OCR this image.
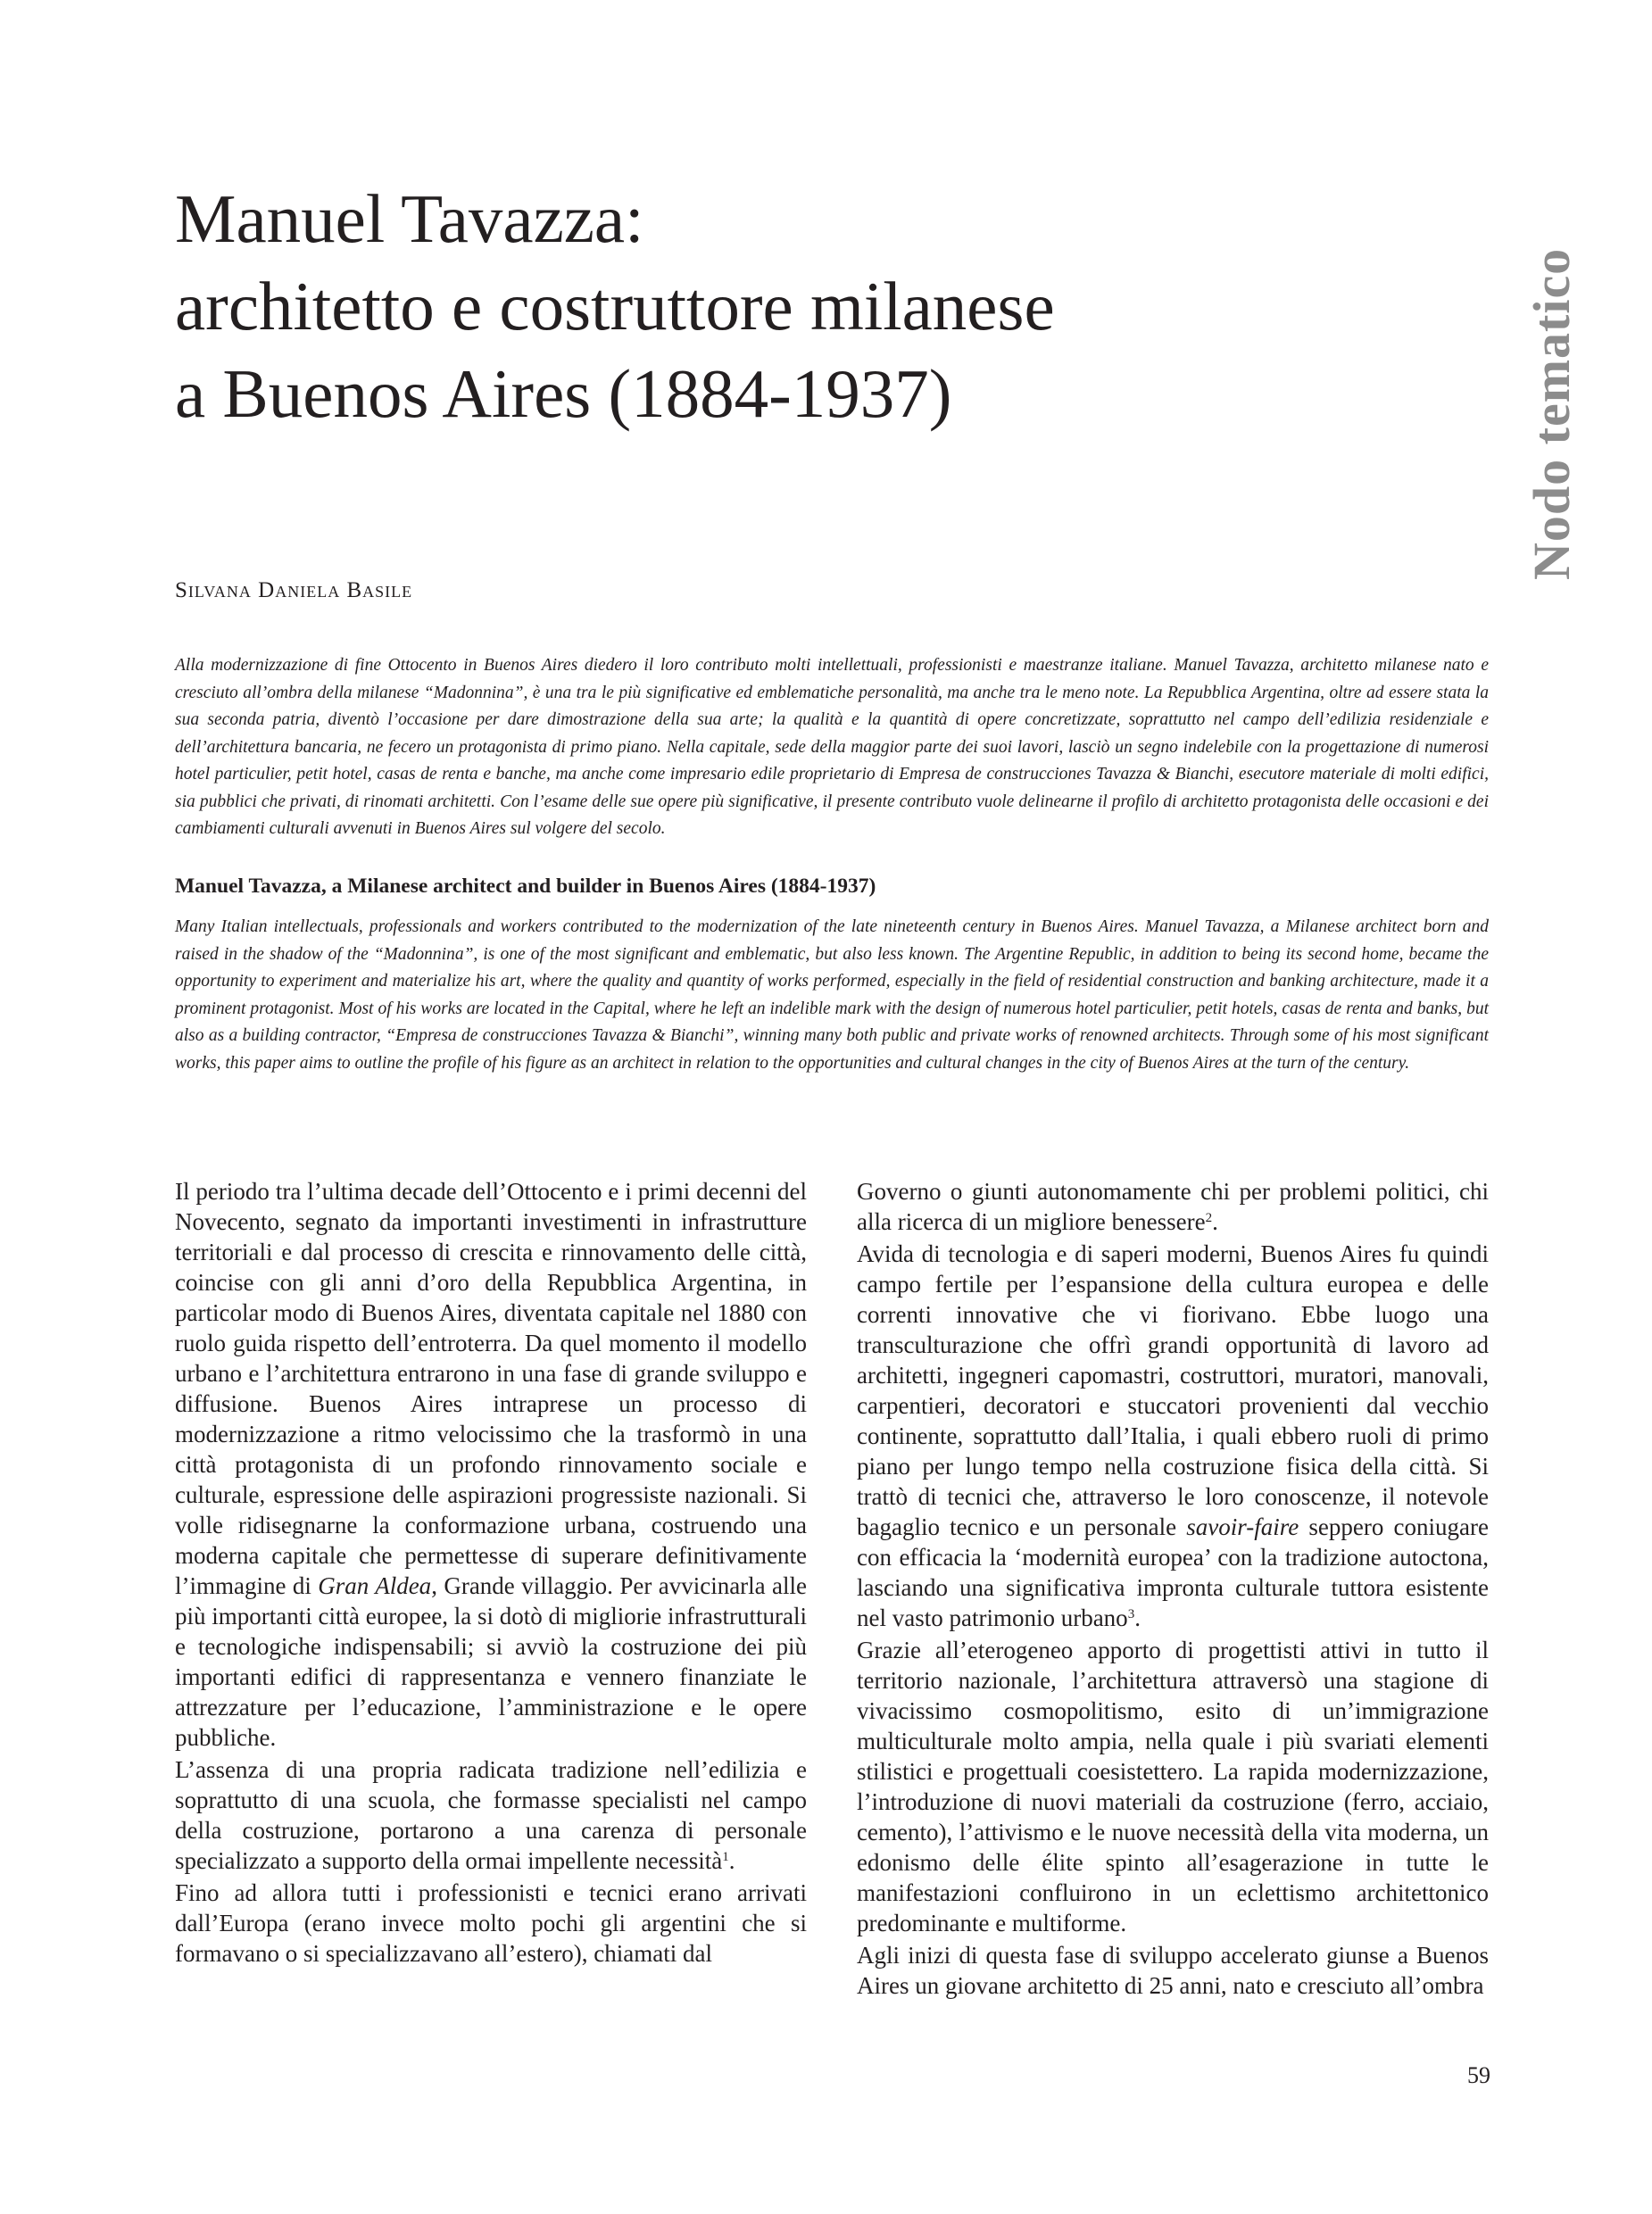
Manuel Tavazza:
architetto e costruttore milanese
a Buenos Aires (1884-1937)	Nodo tematico
Silvana Daniela Basile

Alla modernizzazione di fine Ottocento in Buenos Aires diedero il loro contributo molti intellettuali, professionisti e maestranze italiane. Manuel Tavazza, architetto milanese nato e cresciuto all’ombra della milanese “Madonnina”, è una tra le più significative ed emblematiche personalità, ma anche tra le meno note. La Repubblica Argentina, oltre ad essere stata la sua seconda patria, diventò l’occasione per dare dimostrazione della sua arte; la qualità e la quantità di opere concretizzate, soprattutto nel campo dell’edilizia residenziale e dell’architettura bancaria, ne fecero un protagonista di primo piano. Nella capitale, sede della maggior parte dei suoi lavori, lasciò un segno indelebile con la progettazione di numerosi hotel particulier, petit hotel, casas de renta e banche, ma anche come impresario edile proprietario di Empresa de construcciones Tavazza & Bianchi, esecutore materiale di molti edifici, sia pubblici che privati, di rinomati architetti. Con l’esame delle sue opere più significative, il presente contributo vuole delinearne il profilo di architetto protagonista delle occasioni e dei cambiamenti culturali avvenuti in Buenos Aires sul volgere del secolo.

Manuel Tavazza, a Milanese architect and builder in Buenos Aires (1884-1937)

Many Italian intellectuals, professionals and workers contributed to the modernization of the late nineteenth century in Buenos Aires. Manuel Tavazza, a Milanese architect born and raised in the shadow of the “Madonnina”, is one of the most significant and emblematic, but also less known. The Argentine Republic, in addition to being its second home, became the opportunity to experiment and materialize his art, where the quality and quantity of works performed, especially in the field of residential construction and banking architecture, made it a prominent protagonist. Most of his works are located in the Capital, where he left an indelible mark with the design of numerous hotel particulier, petit hotels, casas de renta and banks, but also as a building contractor, “Empresa de construcciones Tavazza & Bianchi”, winning many both public and private works of renowned architects. Through some of his most significant works, this paper aims to outline the profile of his figure as an architect in relation to the opportunities and cultural changes in the city of Buenos Aires at the turn of the century.

Il periodo tra l’ultima decade dell’Ottocento e i primi decenni del Novecento, segnato da importanti investimenti in infrastrutture territoriali e dal processo di crescita e rinnovamento delle città, coincise con gli anni d’oro della Repubblica Argentina, in particolar modo di Buenos Aires, diventata capitale nel 1880 con ruolo guida rispetto dell’entroterra. Da quel momento il modello urbano e l’architettura entrarono in una fase di grande sviluppo e diffusione. Buenos Aires intraprese un processo di modernizzazione a ritmo velocissimo che la trasformò in una città protagonista di un profondo rinnovamento sociale e culturale, espressione delle aspirazioni progressiste nazionali. Si volle ridisegnarne la conformazione urbana, costruendo una moderna capitale che permettesse di superare definitivamente l’immagine di Gran Aldea, Grande villaggio. Per avvicinarla alle più importanti città europee, la si dotò di migliorie infrastrutturali e tecnologiche indispensabili; si avviò la costruzione dei più importanti edifici di rappresentanza e vennero finanziate le attrezzature per l’educazione, l’amministrazione e le opere pubbliche.

L’assenza di una propria radicata tradizione nell’edilizia e soprattutto di una scuola, che formasse specialisti nel campo della costruzione, portarono a una carenza di personale specializzato a supporto della ormai impellente necessità$^1$.

Fino ad allora tutti i professionisti e tecnici erano arrivati dall’Europa (erano invece molto pochi gli argentini che si formavano o si specializzavano all’estero), chiamati dal

Governo o giunti autonomamente chi per problemi politici, chi alla ricerca di un migliore benessere$^2$.

Avida di tecnologia e di saperi moderni, Buenos Aires fu quindi campo fertile per l’espansione della cultura europea e delle correnti innovative che vi fiorivano. Ebbe luogo una transculturazione che offrì grandi opportunità di lavoro ad architetti, ingegneri capomastri, costruttori, muratori, manovali, carpentieri, decoratori e stuccatori provenienti dal vecchio continente, soprattutto dall’Italia, i quali ebbero ruoli di primo piano per lungo tempo nella costruzione fisica della città. Si trattò di tecnici che, attraverso le loro conoscenze, il notevole bagaglio tecnico e un personale savoir-faire seppero coniugare con efficacia la ‘modernità europea’ con la tradizione autoctona, lasciando una significativa impronta culturale tuttora esistente nel vasto patrimonio urbano$^3$.

Grazie all’eterogeneo apporto di progettisti attivi in tutto il territorio nazionale, l’architettura attraversò una stagione di vivacissimo cosmopolitismo, esito di un’immigrazione multiculturale molto ampia, nella quale i più svariati elementi stilistici e progettuali coesistettero. La rapida modernizzazione, l’introduzione di nuovi materiali da costruzione (ferro, acciaio, cemento), l’attivismo e le nuove necessità della vita moderna, un edonismo delle élite spinto all’esagerazione in tutte le manifestazioni confluirono in un eclettismo architettonico predominante e multiforme.

Agli inizi di questa fase di sviluppo accelerato giunse a Buenos Aires un giovane architetto di 25 anni, nato e cresciuto all’ombra

59
